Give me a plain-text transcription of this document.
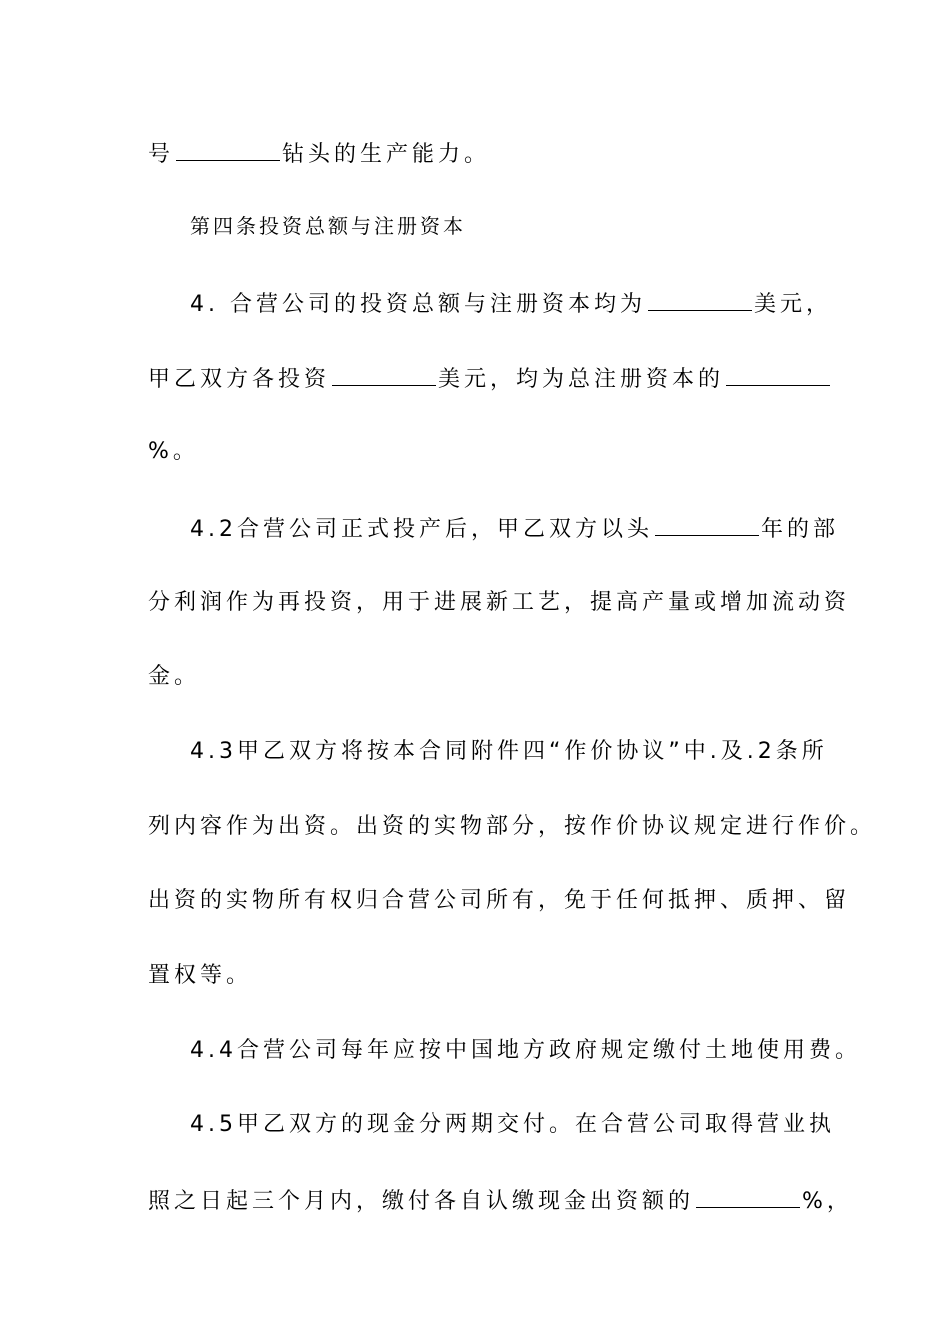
号	钻头的生产能力。
第四条投资总额与注册资本
4. 合营公司的投资总额与注册资本均为	美元，
甲乙双方各投资	美元，均为总注册资本的
%。
4.2合营公司正式投产后，甲乙双方以头	年的部
分利润作为再投资，用于进展新工艺，提高产量或增加流动资
金。
4.3甲乙双方将按本合同附件四“作价协议”中.及.2条所
列内容作为出资。出资的实物部分，按作价协议规定进行作价。
出资的实物所有权归合营公司所有，免于任何抵押、质押、留
置权等。
4.4合营公司每年应按中国地方政府规定缴付土地使用费。
4.5甲乙双方的现金分两期交付。在合营公司取得营业执
照之日起三个月内，缴付各自认缴现金出资额的	%，
